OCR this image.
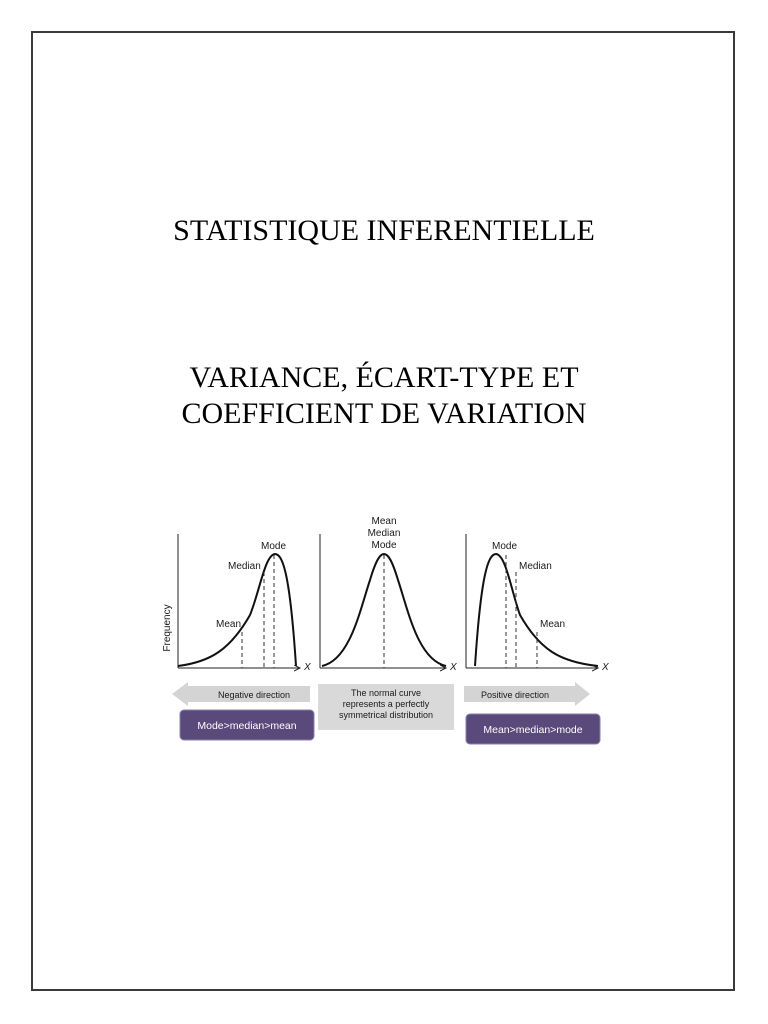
STATISTIQUE INFERENTIELLE
VARIANCE, ÉCART-TYPE ET
COEFFICIENT DE VARIATION
Frequency
Mode
Median
Mean
X
Mean
Median
Mode
X
Mode
Median
Mean
X
Negative direction	The normal curve
represents a perfectly
symmetrical distribution
Positive direction
Mode>median>mean	Mean>median>mode
